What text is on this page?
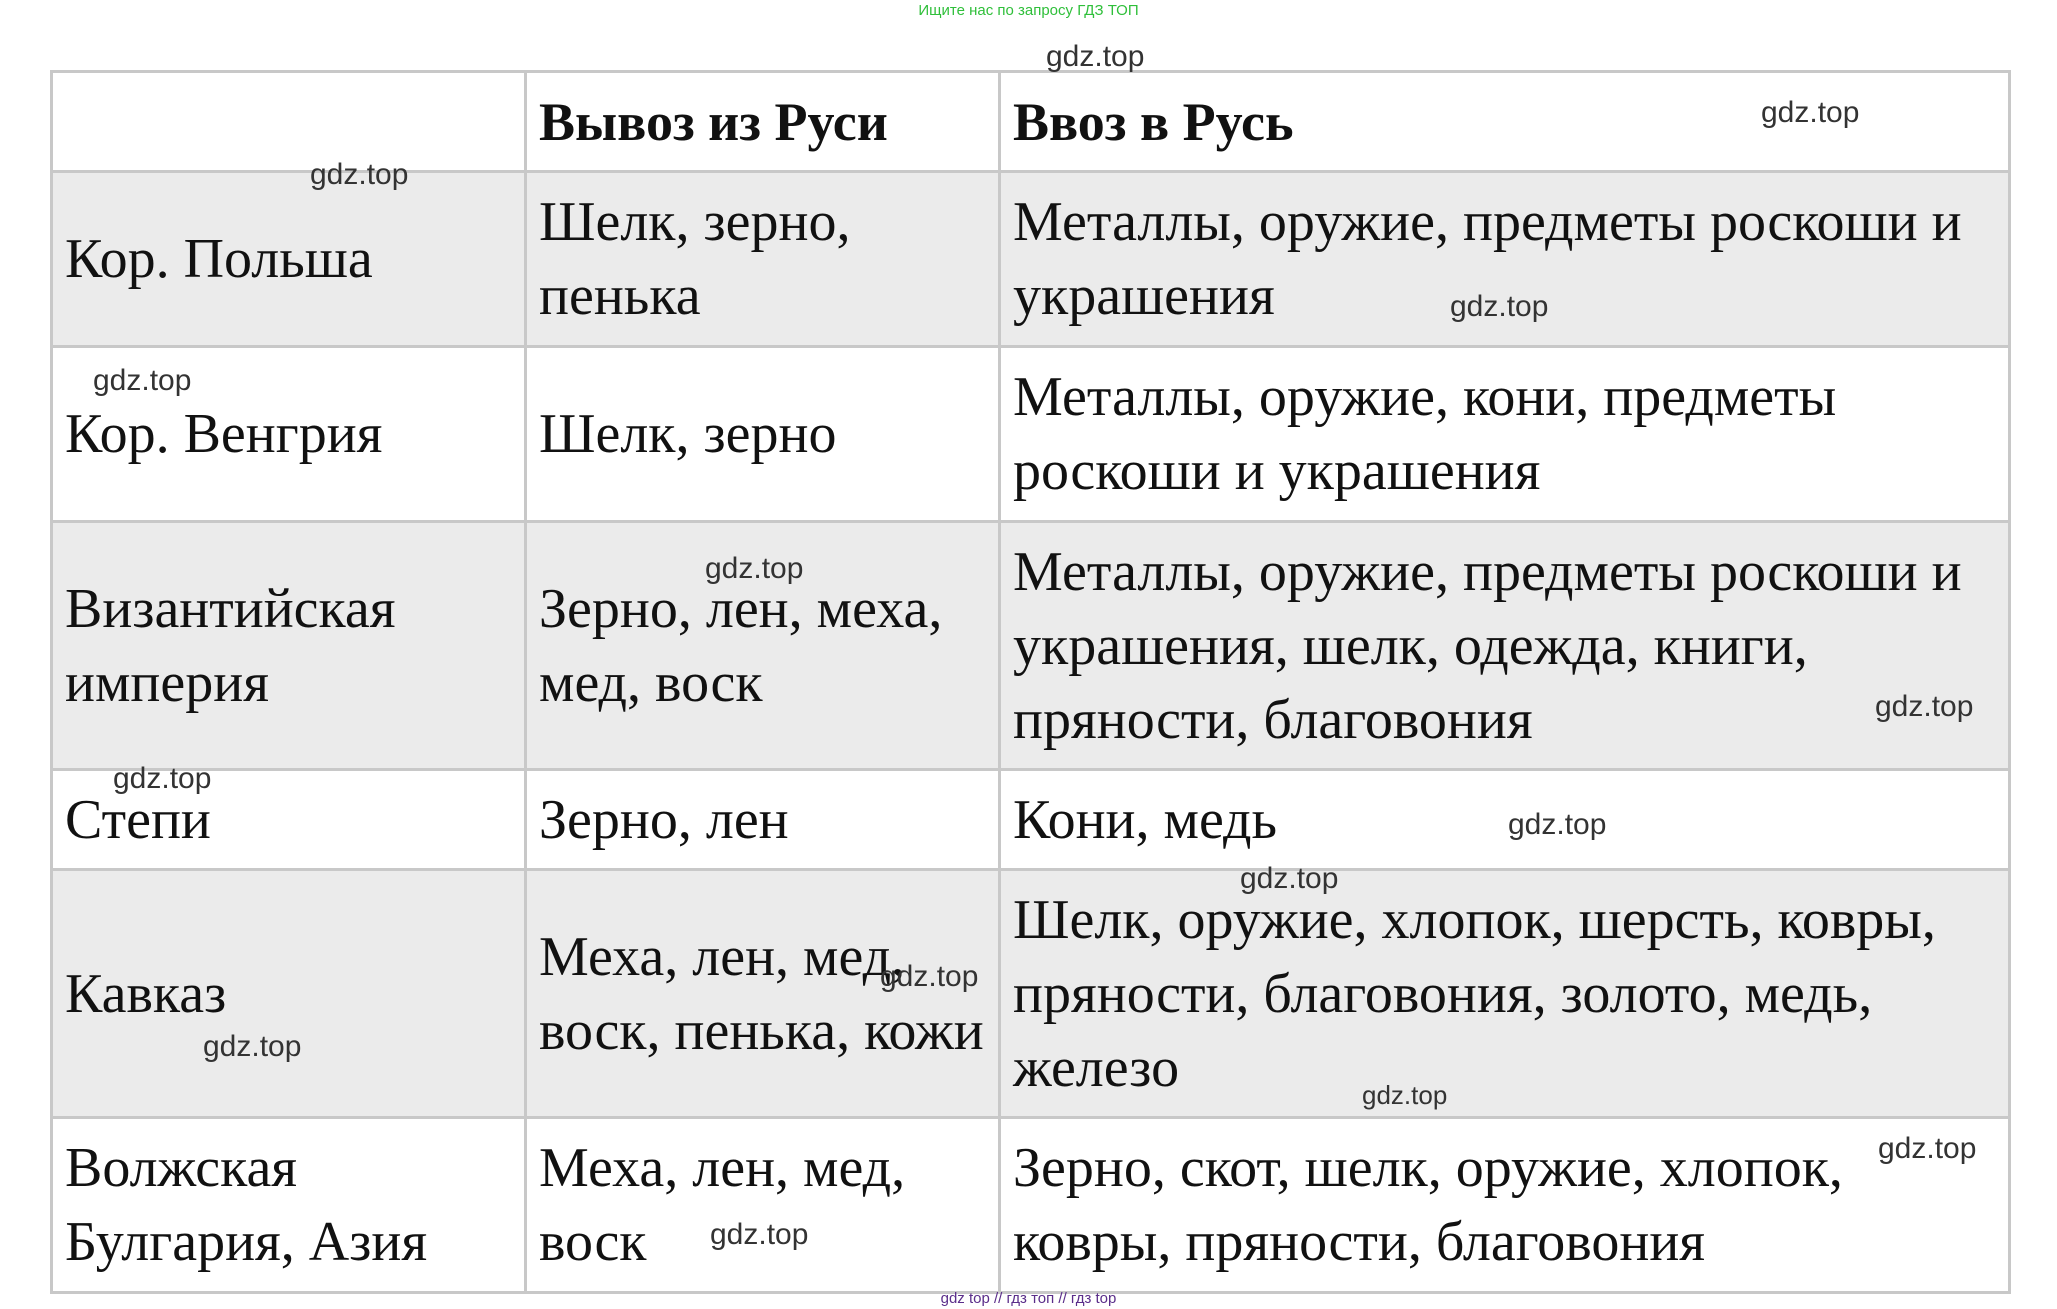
Ищите нас по запросу ГДЗ ТОП
	Вывоз из Руси	Ввоз в Русь
Кор. Польша	Шелк, зерно, пенька	Металлы, оружие, предметы роскоши и украшения
Кор. Венгрия	Шелк, зерно	Металлы, оружие, кони, предметы роскоши и украшения
Византийская империя	Зерно, лен, меха, мед, воск	Металлы, оружие, предметы роскоши и украшения, шелк, одежда, книги, пряности, благовония
Степи	Зерно, лен	Кони, медь
Кавказ	Меха, лен, мед, воск, пенька, кожи	Шелк, оружие, хлопок, шерсть, ковры, пряности, благовония, золото, медь, железо
Волжская Булгария, Азия	Меха, лен, мед, воск	Зерно, скот, шелк, оружие, хлопок, ковры, пряности, благовония
gdz.top
gdz.top
gdz.top
gdz.top
gdz.top
gdz.top
gdz.top
gdz.top
gdz.top
gdz.top
gdz.top
gdz.top
gdz.top
gdz.top
gdz.top
gdz top // гдз топ // гдз top
